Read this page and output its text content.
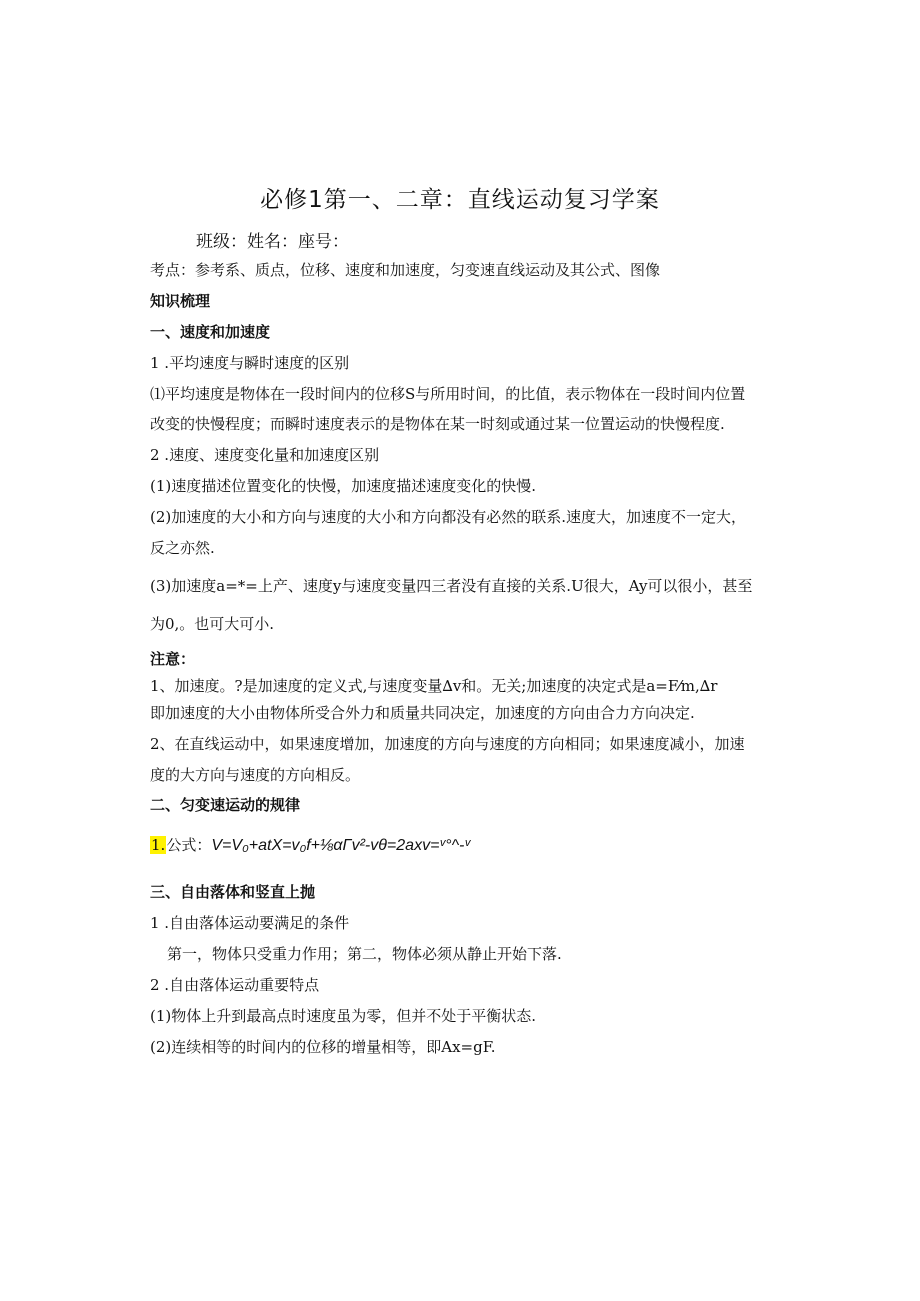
必修1第一、二章：直线运动复习学案
班级：姓名：座号：
考点：参考系、质点，位移、速度和加速度，匀变速直线运动及其公式、图像
知识梳理
一、速度和加速度
1 .平均速度与瞬时速度的区别
⑴平均速度是物体在一段时间内的位移S与所用时间，的比值，表示物体在一段时间内位置
改变的快慢程度；而瞬时速度表示的是物体在某一时刻或通过某一位置运动的快慢程度.
2 .速度、速度变化量和加速度区别
(1)速度描述位置变化的快慢，加速度描述速度变化的快慢.
(2)加速度的大小和方向与速度的大小和方向都没有必然的联系.速度大，加速度不一定大，
反之亦然.
(3)加速度a=*=上产、速度y与速度变量四三者没有直接的关系.U很大，Ay可以很小，甚至
为0,。也可大可小.
注意：
1、加速度。?是加速度的定义式,与速度变量∆v和。无关;加速度的决定式是a=F⁄m,∆r
即加速度的大小由物体所受合外力和质量共同决定，加速度的方向由合力方向决定.
2、在直线运动中，如果速度增加，加速度的方向与速度的方向相同；如果速度减小，加速
度的大方向与速度的方向相反。
二、匀变速运动的规律
1.公式：V=V₀+atX=v₀f+⅛αΓv²-vθ=2axv=ᵛ°^-ᵛ
三、自由落体和竖直上抛
1 .自由落体运动要满足的条件
第一，物体只受重力作用；第二，物体必须从静止开始下落.
2 .自由落体运动重要特点
(1)物体上升到最高点时速度虽为零，但并不处于平衡状态.
(2)连续相等的时间内的位移的增量相等，即Ax=gF.
